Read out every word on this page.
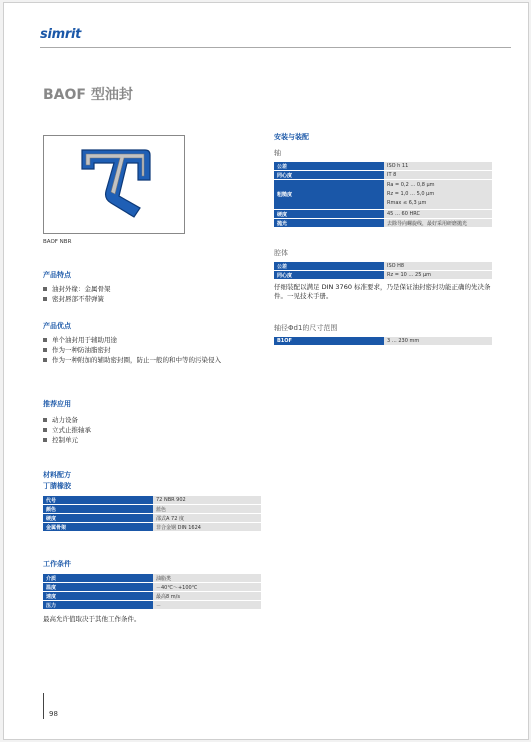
simrit
BAOF 型油封
BAOF NBR
产品特点
油封外缘：金属骨架
密封唇部不带弹簧
产品优点
单个油封用于辅助用途
作为一种防油脂密封
作为一种附加的辅助密封圈，防止一般的和中等的污染侵入
推荐应用
动力设备
立式止推轴承
控制单元
材料配方
丁腈橡胶
代号	72 NBR 902
颜色	蓝色
硬度	邵式A 72 度
金属骨架	非合金钢 DIN 1624
工作条件
介质	油脂类
温度	－40℃～+100℃
速度	最高8 m/s
压力	－
最高允许值取决于其他工作条件。
安装与装配
轴
公差	ISO h 11
同心度	IT 8
粗糙度	Ra = 0,2 … 0,8 µm
Rz = 1,0 … 5,0 µm
Rmax ≤ 6,3 µm

硬度	45 … 60 HRC
抛光	去除导向螺旋线，最好采用研磨抛光
腔体
公差	ISO H8
同心度	Rz = 10 … 25 µm
仔细装配以满足 DIN 3760 标准要求，乃是保证油封密封功能正确的先决条件。一见技术手册。
轴径Φd1的尺寸范围
B1OF	3 … 230 mm
98
